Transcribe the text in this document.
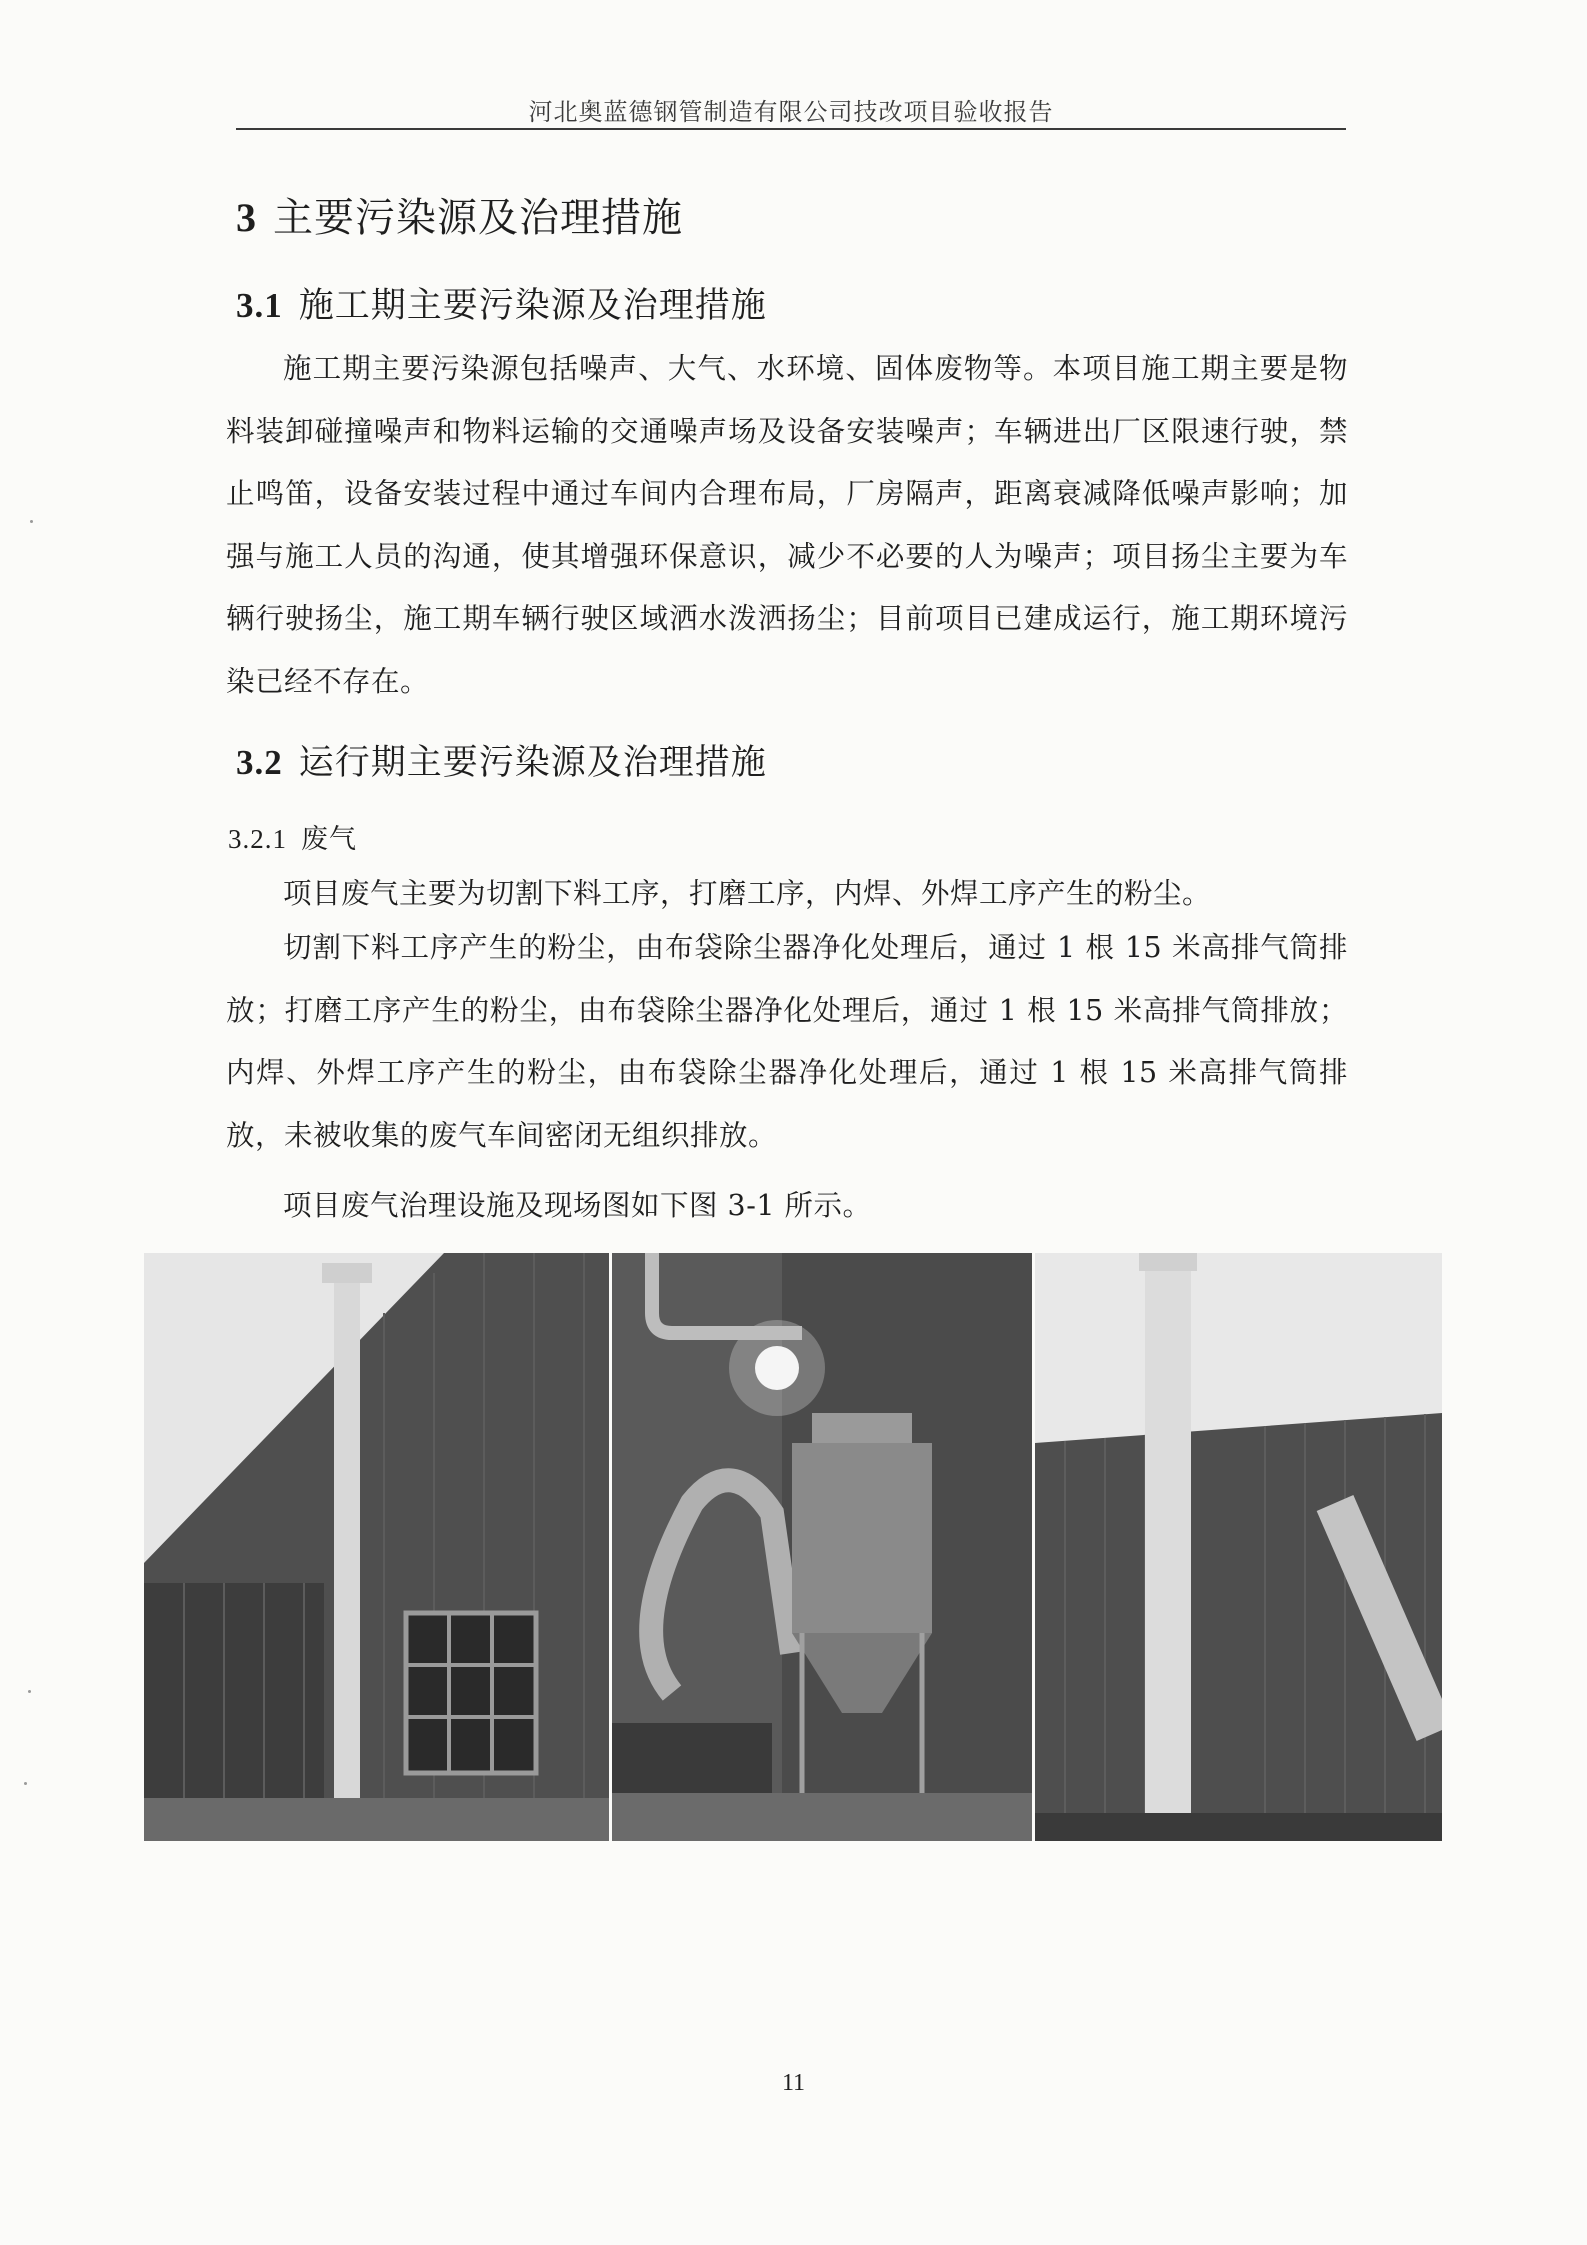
河北奥蓝德钢管制造有限公司技改项目验收报告
3 主要污染源及治理措施
3.1 施工期主要污染源及治理措施

施工期主要污染源包括噪声、大气、水环境、固体废物等。本项目施工期主要是物料装卸碰撞噪声和物料运输的交通噪声场及设备安装噪声；车辆进出厂区限速行驶，禁止鸣笛，设备安装过程中通过车间内合理布局，厂房隔声，距离衰减降低噪声影响；加强与施工人员的沟通，使其增强环保意识，减少不必要的人为噪声；项目扬尘主要为车辆行驶扬尘，施工期车辆行驶区域洒水泼洒扬尘；目前项目已建成运行，施工期环境污染已经不存在。

3.2 运行期主要污染源及治理措施
3.2.1 废气

项目废气主要为切割下料工序，打磨工序，内焊、外焊工序产生的粉尘。

切割下料工序产生的粉尘，由布袋除尘器净化处理后，通过 1 根 15 米高排气筒排放；打磨工序产生的粉尘，由布袋除尘器净化处理后，通过 1 根 15 米高排气筒排放；内焊、外焊工序产生的粉尘，由布袋除尘器净化处理后，通过 1 根 15 米高排气筒排放，未被收集的废气车间密闭无组织排放。

项目废气治理设施及现场图如下图 3-1 所示。

11
